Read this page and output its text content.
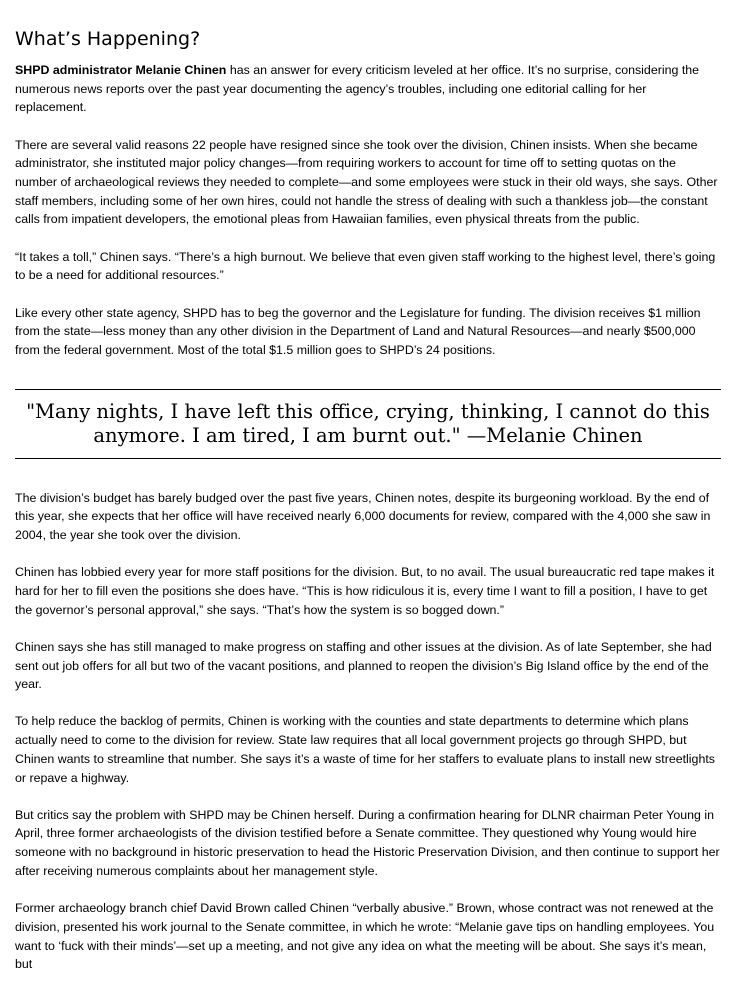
What’s Happening?

SHPD administrator Melanie Chinen has an answer for every criticism leveled at her office. It’s no surprise, considering the numerous news reports over the past year documenting the agency’s troubles, including one editorial calling for her replacement.

There are several valid reasons 22 people have resigned since she took over the division, Chinen insists. When she became administrator, she instituted major policy changes—from requiring workers to account for time off to setting quotas on the number of archaeological reviews they needed to complete—and some employees were stuck in their old ways, she says. Other staff members, including some of her own hires, could not handle the stress of dealing with such a thankless job—the constant calls from impatient developers, the emotional pleas from Hawaiian families, even physical threats from the public.

“It takes a toll,” Chinen says. “There’s a high burnout. We believe that even given staff working to the highest level, there’s going to be a need for additional resources.”

Like every other state agency, SHPD has to beg the governor and the Legislature for funding. The division receives $1 million from the state—less money than any other division in the Department of Land and Natural Resources—and nearly $500,000 from the federal government. Most of the total $1.5 million goes to SHPD’s 24 positions.

"Many nights, I have left this office, crying, thinking, I cannot do this anymore. I am tired, I am burnt out." —Melanie Chinen

The division’s budget has barely budged over the past five years, Chinen notes, despite its burgeoning workload. By the end of this year, she expects that her office will have received nearly 6,000 documents for review, compared with the 4,000 she saw in 2004, the year she took over the division.

Chinen has lobbied every year for more staff positions for the division. But, to no avail. The usual bureaucratic red tape makes it hard for her to fill even the positions she does have. “This is how ridiculous it is, every time I want to fill a position, I have to get the governor’s personal approval,” she says. “That’s how the system is so bogged down.”

Chinen says she has still managed to make progress on staffing and other issues at the division. As of late September, she had sent out job offers for all but two of the vacant positions, and planned to reopen the division’s Big Island office by the end of the year.

To help reduce the backlog of permits, Chinen is working with the counties and state departments to determine which plans actually need to come to the division for review. State law requires that all local government projects go through SHPD, but Chinen wants to streamline that number. She says it’s a waste of time for her staffers to evaluate plans to install new streetlights or repave a highway.

But critics say the problem with SHPD may be Chinen herself. During a confirmation hearing for DLNR chairman Peter Young in April, three former archaeologists of the division testified before a Senate committee. They questioned why Young would hire someone with no background in historic preservation to head the Historic Preservation Division, and then continue to support her after receiving numerous complaints about her management style.

Former archaeology branch chief David Brown called Chinen “verbally abusive.” Brown, whose contract was not renewed at the division, presented his work journal to the Senate committee, in which he wrote: “Melanie gave tips on handling employees. You want to ‘fuck with their minds’—set up a meeting, and not give any idea on what the meeting will be about. She says it’s mean, but
